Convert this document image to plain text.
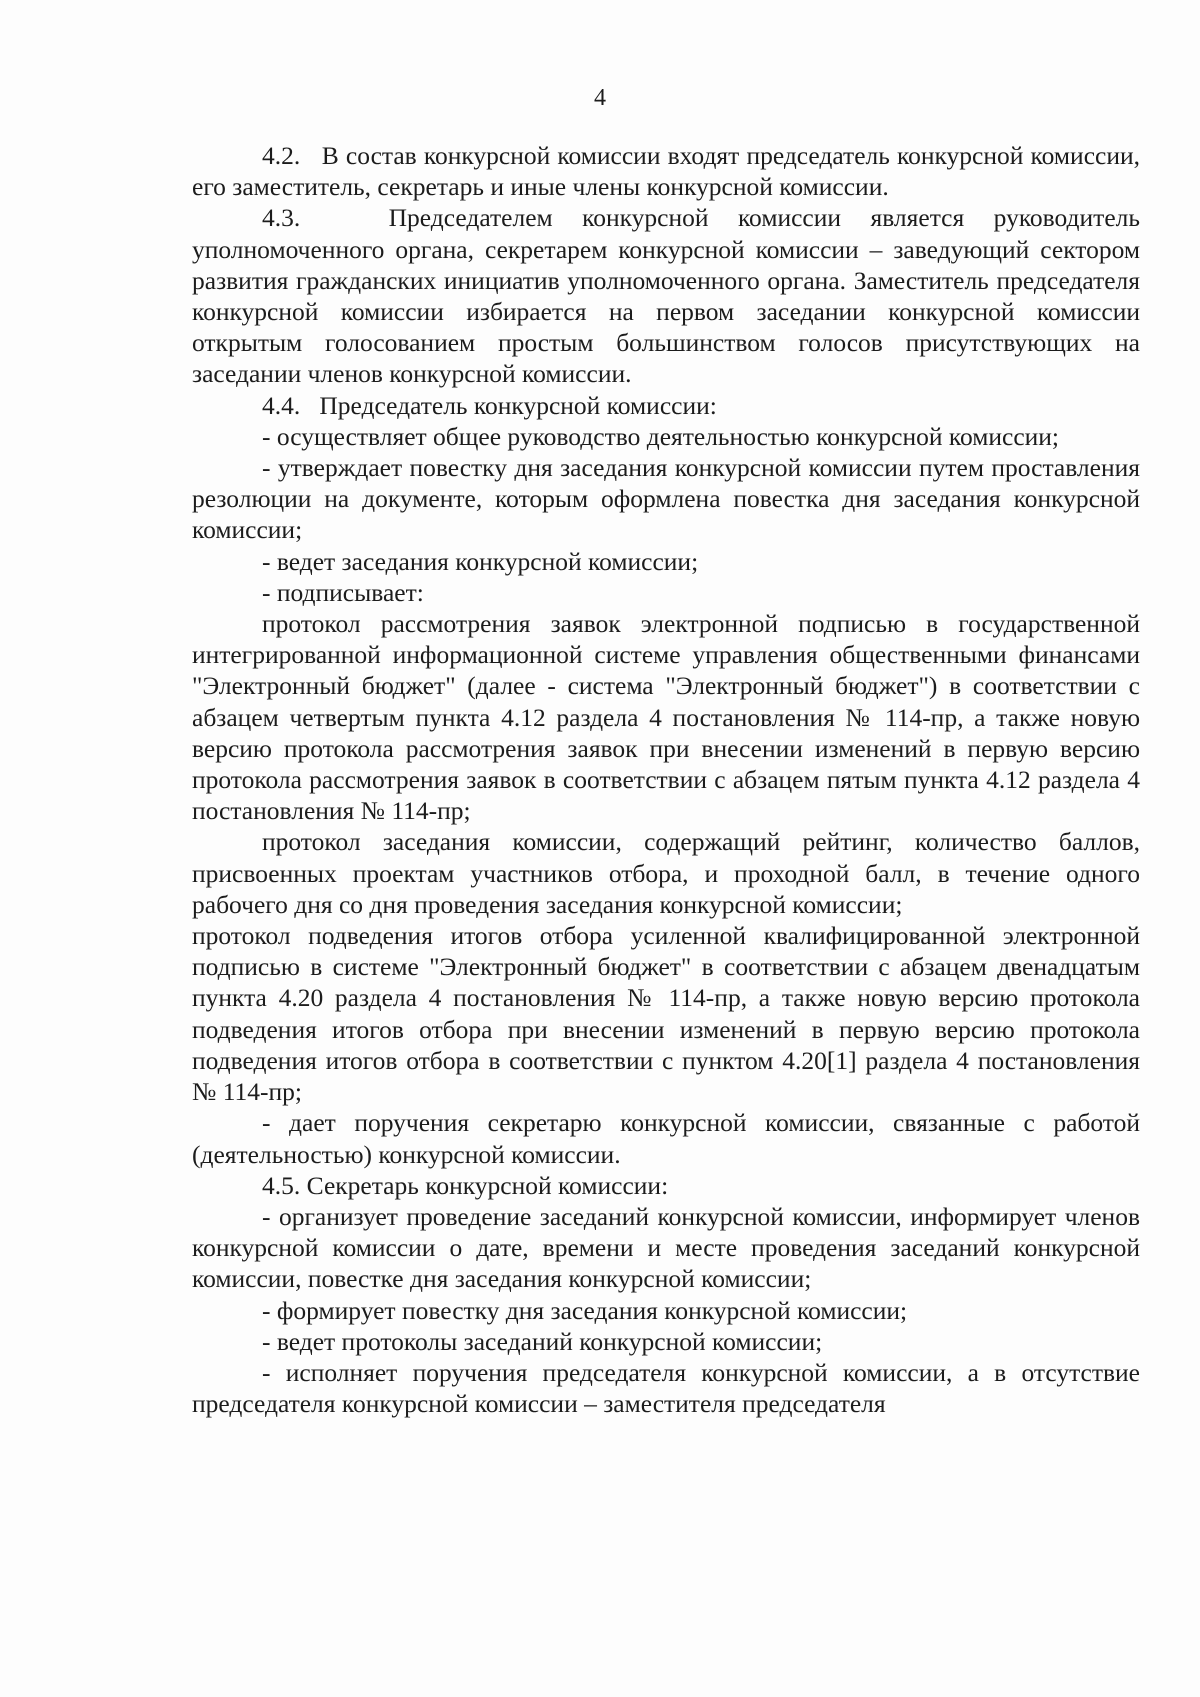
4

4.2.   В состав конкурсной комиссии входят председатель конкурсной комиссии, его заместитель, секретарь и иные члены конкурсной комиссии.

4.3.   Председателем конкурсной комиссии является руководитель уполномоченного органа, секретарем конкурсной комиссии – заведующий сектором развития гражданских инициатив уполномоченного органа. Заместитель председателя конкурсной комиссии избирается на первом заседании конкурсной комиссии открытым голосованием простым большинством голосов присутствующих на заседании членов конкурсной комиссии.

4.4.   Председатель конкурсной комиссии:

- осуществляет общее руководство деятельностью конкурсной комиссии;

- утверждает повестку дня заседания конкурсной комиссии путем проставления резолюции на документе, которым оформлена повестка дня заседания конкурсной комиссии;

- ведет заседания конкурсной комиссии;

- подписывает:

протокол рассмотрения заявок электронной подписью в государственной интегрированной информационной системе управления общественными финансами "Электронный бюджет" (далее - система "Электронный бюджет") в соответствии с абзацем четвертым пункта 4.12 раздела 4 постановления № 114-пр, а также новую версию протокола рассмотрения заявок при внесении изменений в первую версию протокола рассмотрения заявок в соответствии с абзацем пятым пункта 4.12 раздела 4 постановления № 114-пр;

протокол заседания комиссии, содержащий рейтинг, количество баллов, присвоенных проектам участников отбора, и проходной балл, в течение одного рабочего дня со дня проведения заседания конкурсной комиссии;

протокол подведения итогов отбора усиленной квалифицированной электронной подписью в системе "Электронный бюджет" в соответствии с абзацем двенадцатым пункта 4.20 раздела 4 постановления № 114-пр, а также новую версию протокола подведения итогов отбора при внесении изменений в первую версию протокола подведения итогов отбора в соответствии с пунктом 4.20[1] раздела 4 постановления № 114-пр;

- дает поручения секретарю конкурсной комиссии, связанные с работой (деятельностью) конкурсной комиссии.

4.5. Секретарь конкурсной комиссии:

- организует проведение заседаний конкурсной комиссии, информирует членов конкурсной комиссии о дате, времени и месте проведения заседаний конкурсной комиссии, повестке дня заседания конкурсной комиссии;

- формирует повестку дня заседания конкурсной комиссии;

- ведет протоколы заседаний конкурсной комиссии;

- исполняет поручения председателя конкурсной комиссии, а в отсутствие председателя конкурсной комиссии – заместителя председателя
